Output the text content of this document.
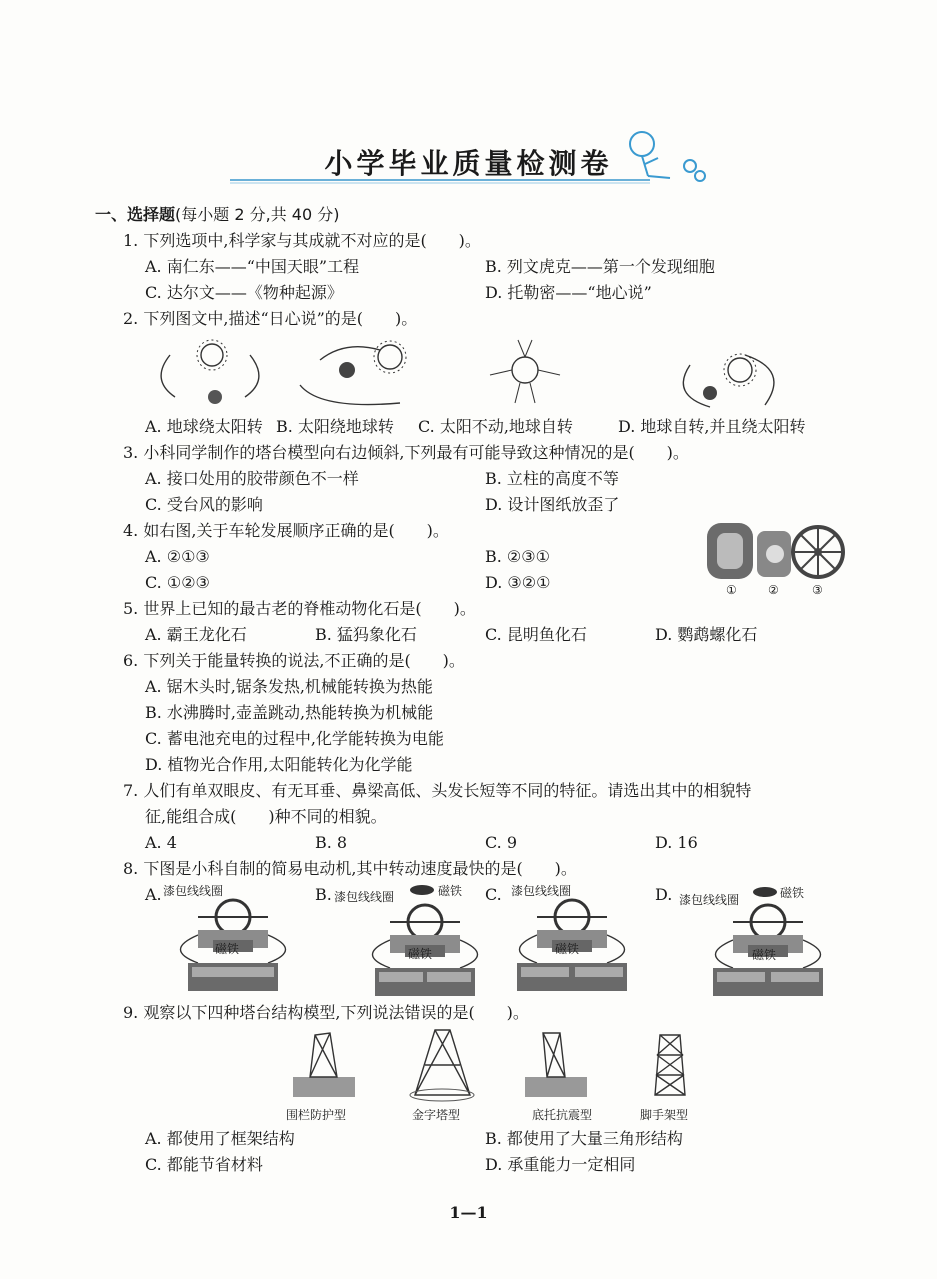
小学毕业质量检测卷
一、选择题(每小题 2 分,共 40 分)
1. 下列选项中,科学家与其成就不对应的是(　　)。
A. 南仁东——“中国天眼”工程	B. 列文虎克——第一个发现细胞
C. 达尔文——《物种起源》	D. 托勒密——“地心说”
2. 下列图文中,描述“日心说”的是(　　)。
A. 地球绕太阳转 B. 太阳绕地球转 C. 太阳不动,地球自转	D. 地球自转,并且绕太阳转
3. 小科同学制作的塔台模型向右边倾斜,下列最有可能导致这种情况的是(　　)。
A. 接口处用的胶带颜色不一样	B. 立柱的高度不等
C. 受台风的影响	D. 设计图纸放歪了
4. 如右图,关于车轮发展顺序正确的是(　　)。
A. ②①③	B. ②③①
C. ①②③	D. ③②①	①	②	③
5. 世界上已知的最古老的脊椎动物化石是(　　)。
A. 霸王龙化石	B. 猛犸象化石	C. 昆明鱼化石	D. 鹦鹉螺化石
6. 下列关于能量转换的说法,不正确的是(　　)。
A. 锯木头时,锯条发热,机械能转换为热能
B. 水沸腾时,壶盖跳动,热能转换为机械能
C. 蓄电池充电的过程中,化学能转换为电能
D. 植物光合作用,太阳能转化为化学能
7. 人们有单双眼皮、有无耳垂、鼻梁高低、头发长短等不同的特征。请选出其中的相貌特
征,能组合成(　　)种不同的相貌。
A. 4	B. 8	C. 9	D. 16
8. 下图是小科自制的简易电动机,其中转动速度最快的是(　　)。
A. 漆包线线圈
磁铁
B. 漆包线线圈	磁铁
磁铁
C. 漆包线线圈
磁铁
D. 漆包线线圈	磁铁
磁铁
9. 观察以下四种塔台结构模型,下列说法错误的是(　　)。
围栏防护型	金字塔型	底托抗震型	脚手架型
A. 都使用了框架结构	B. 都使用了大量三角形结构
C. 都能节省材料	D. 承重能力一定相同
1—1
